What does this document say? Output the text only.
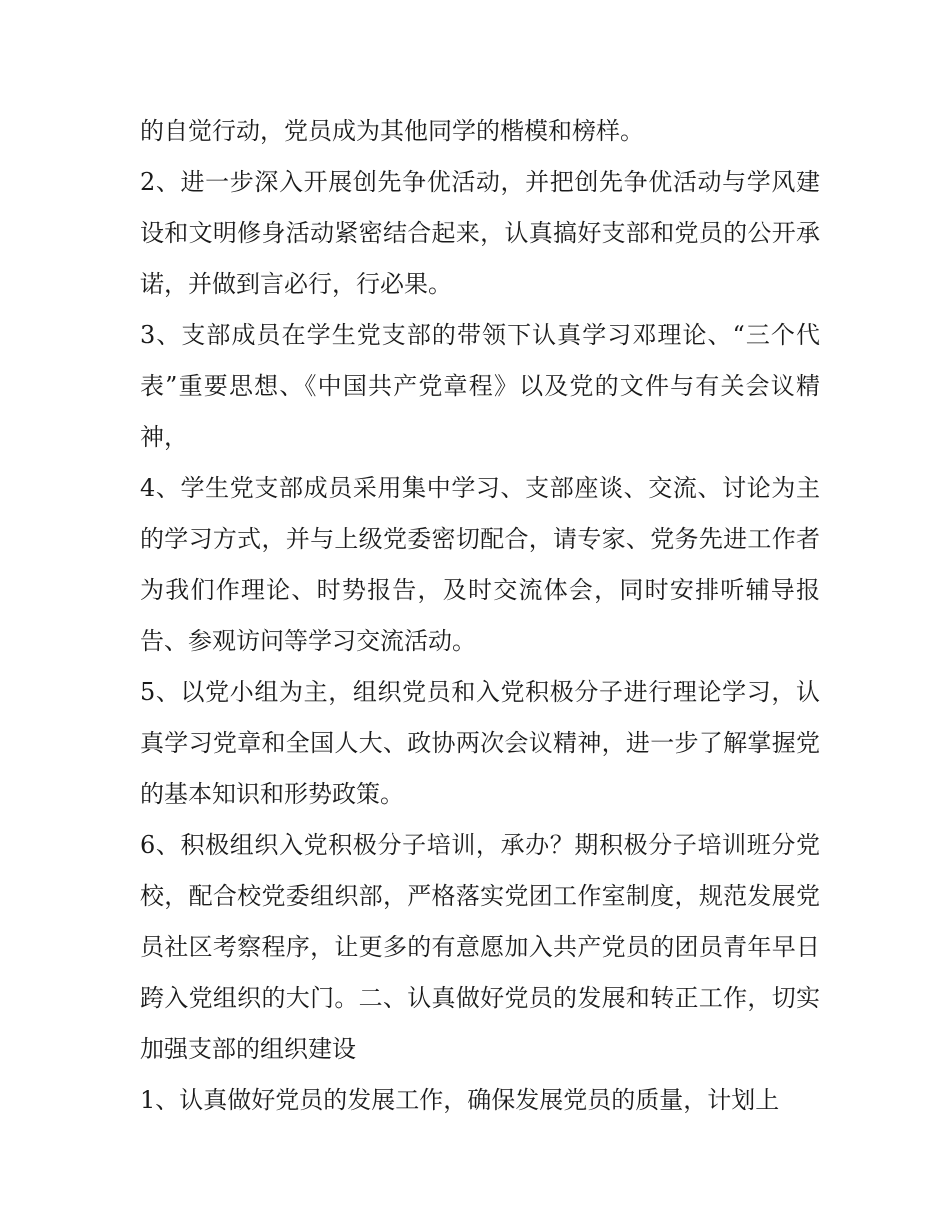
的自觉行动，党员成为其他同学的楷模和榜样。

2、进一步深入开展创先争优活动，并把创先争优活动与学风建设和文明修身活动紧密结合起来，认真搞好支部和党员的公开承诺，并做到言必行，行必果。

3、支部成员在学生党支部的带领下认真学习邓理论、“三个代表”重要思想、《中国共产党章程》以及党的文件与有关会议精神，

4、学生党支部成员采用集中学习、支部座谈、交流、讨论为主的学习方式，并与上级党委密切配合，请专家、党务先进工作者为我们作理论、时势报告，及时交流体会，同时安排听辅导报告、参观访问等学习交流活动。

5、以党小组为主，组织党员和入党积极分子进行理论学习，认真学习党章和全国人大、政协两次会议精神，进一步了解掌握党的基本知识和形势政策。

6、积极组织入党积极分子培训，承办？期积极分子培训班分党校，配合校党委组织部，严格落实党团工作室制度，规范发展党员社区考察程序，让更多的有意愿加入共产党员的团员青年早日跨入党组织的大门。二、认真做好党员的发展和转正工作，切实加强支部的组织建设

1、认真做好党员的发展工作，确保发展党员的质量，计划上
